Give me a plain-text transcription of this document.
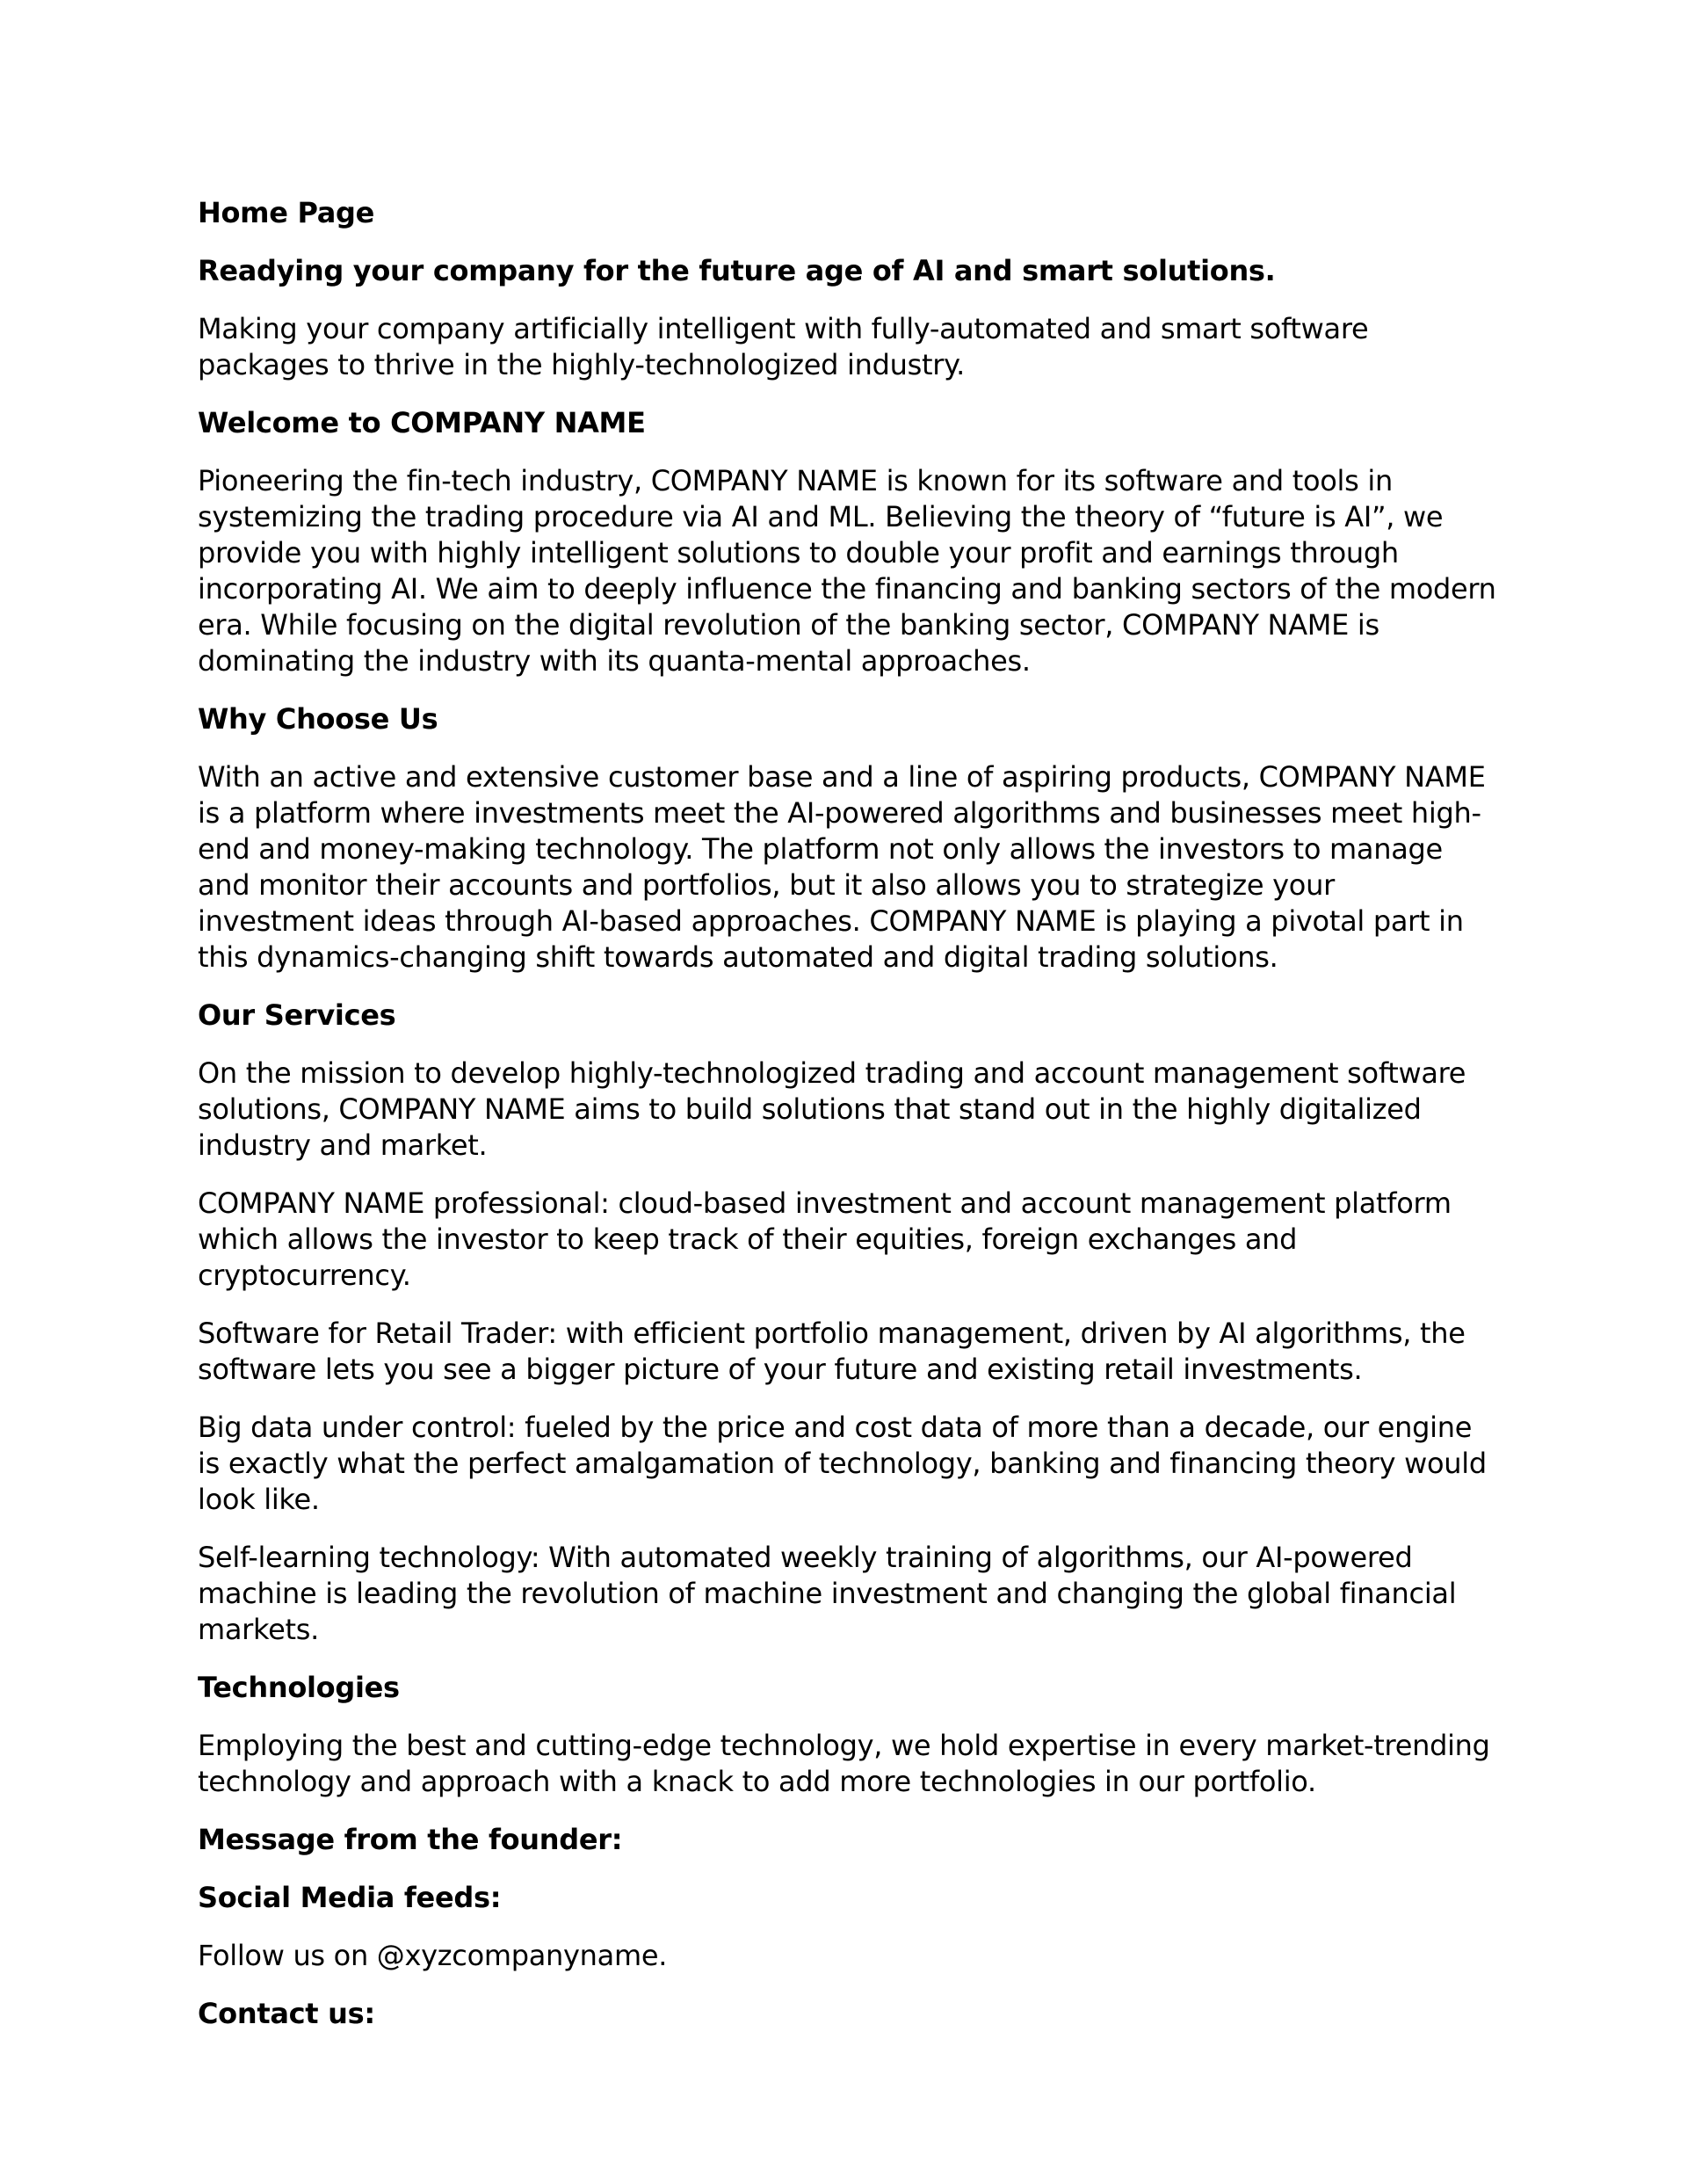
Home Page
Readying your company for the future age of AI and smart solutions.

Making your company artificially intelligent with fully-automated and smart software packages to thrive in the highly-technologized industry.

Welcome to COMPANY NAME

Pioneering the fin-tech industry, COMPANY NAME is known for its software and tools in systemizing the trading procedure via AI and ML. Believing the theory of “future is AI”, we provide you with highly intelligent solutions to double your profit and earnings through incorporating AI. We aim to deeply influence the financing and banking sectors of the modern era. While focusing on the digital revolution of the banking sector, COMPANY NAME is dominating the industry with its quanta-mental approaches.

Why Choose Us

With an active and extensive customer base and a line of aspiring products, COMPANY NAME is a platform where investments meet the AI-powered algorithms and businesses meet high-end and money-making technology. The platform not only allows the investors to manage and monitor their accounts and portfolios, but it also allows you to strategize your investment ideas through AI-based approaches. COMPANY NAME is playing a pivotal part in this dynamics-changing shift towards automated and digital trading solutions.

Our Services

On the mission to develop highly-technologized trading and account management software solutions, COMPANY NAME aims to build solutions that stand out in the highly digitalized industry and market.

COMPANY NAME professional: cloud-based investment and account management platform which allows the investor to keep track of their equities, foreign exchanges and cryptocurrency.

Software for Retail Trader: with efficient portfolio management, driven by AI algorithms, the software lets you see a bigger picture of your future and existing retail investments.

Big data under control: fueled by the price and cost data of more than a decade, our engine is exactly what the perfect amalgamation of technology, banking and financing theory would look like.

Self-learning technology: With automated weekly training of algorithms, our AI-powered machine is leading the revolution of machine investment and changing the global financial markets.

Technologies

Employing the best and cutting-edge technology, we hold expertise in every market-trending technology and approach with a knack to add more technologies in our portfolio.

Message from the founder:
Social Media feeds:

Follow us on @xyzcompanyname.

Contact us:
